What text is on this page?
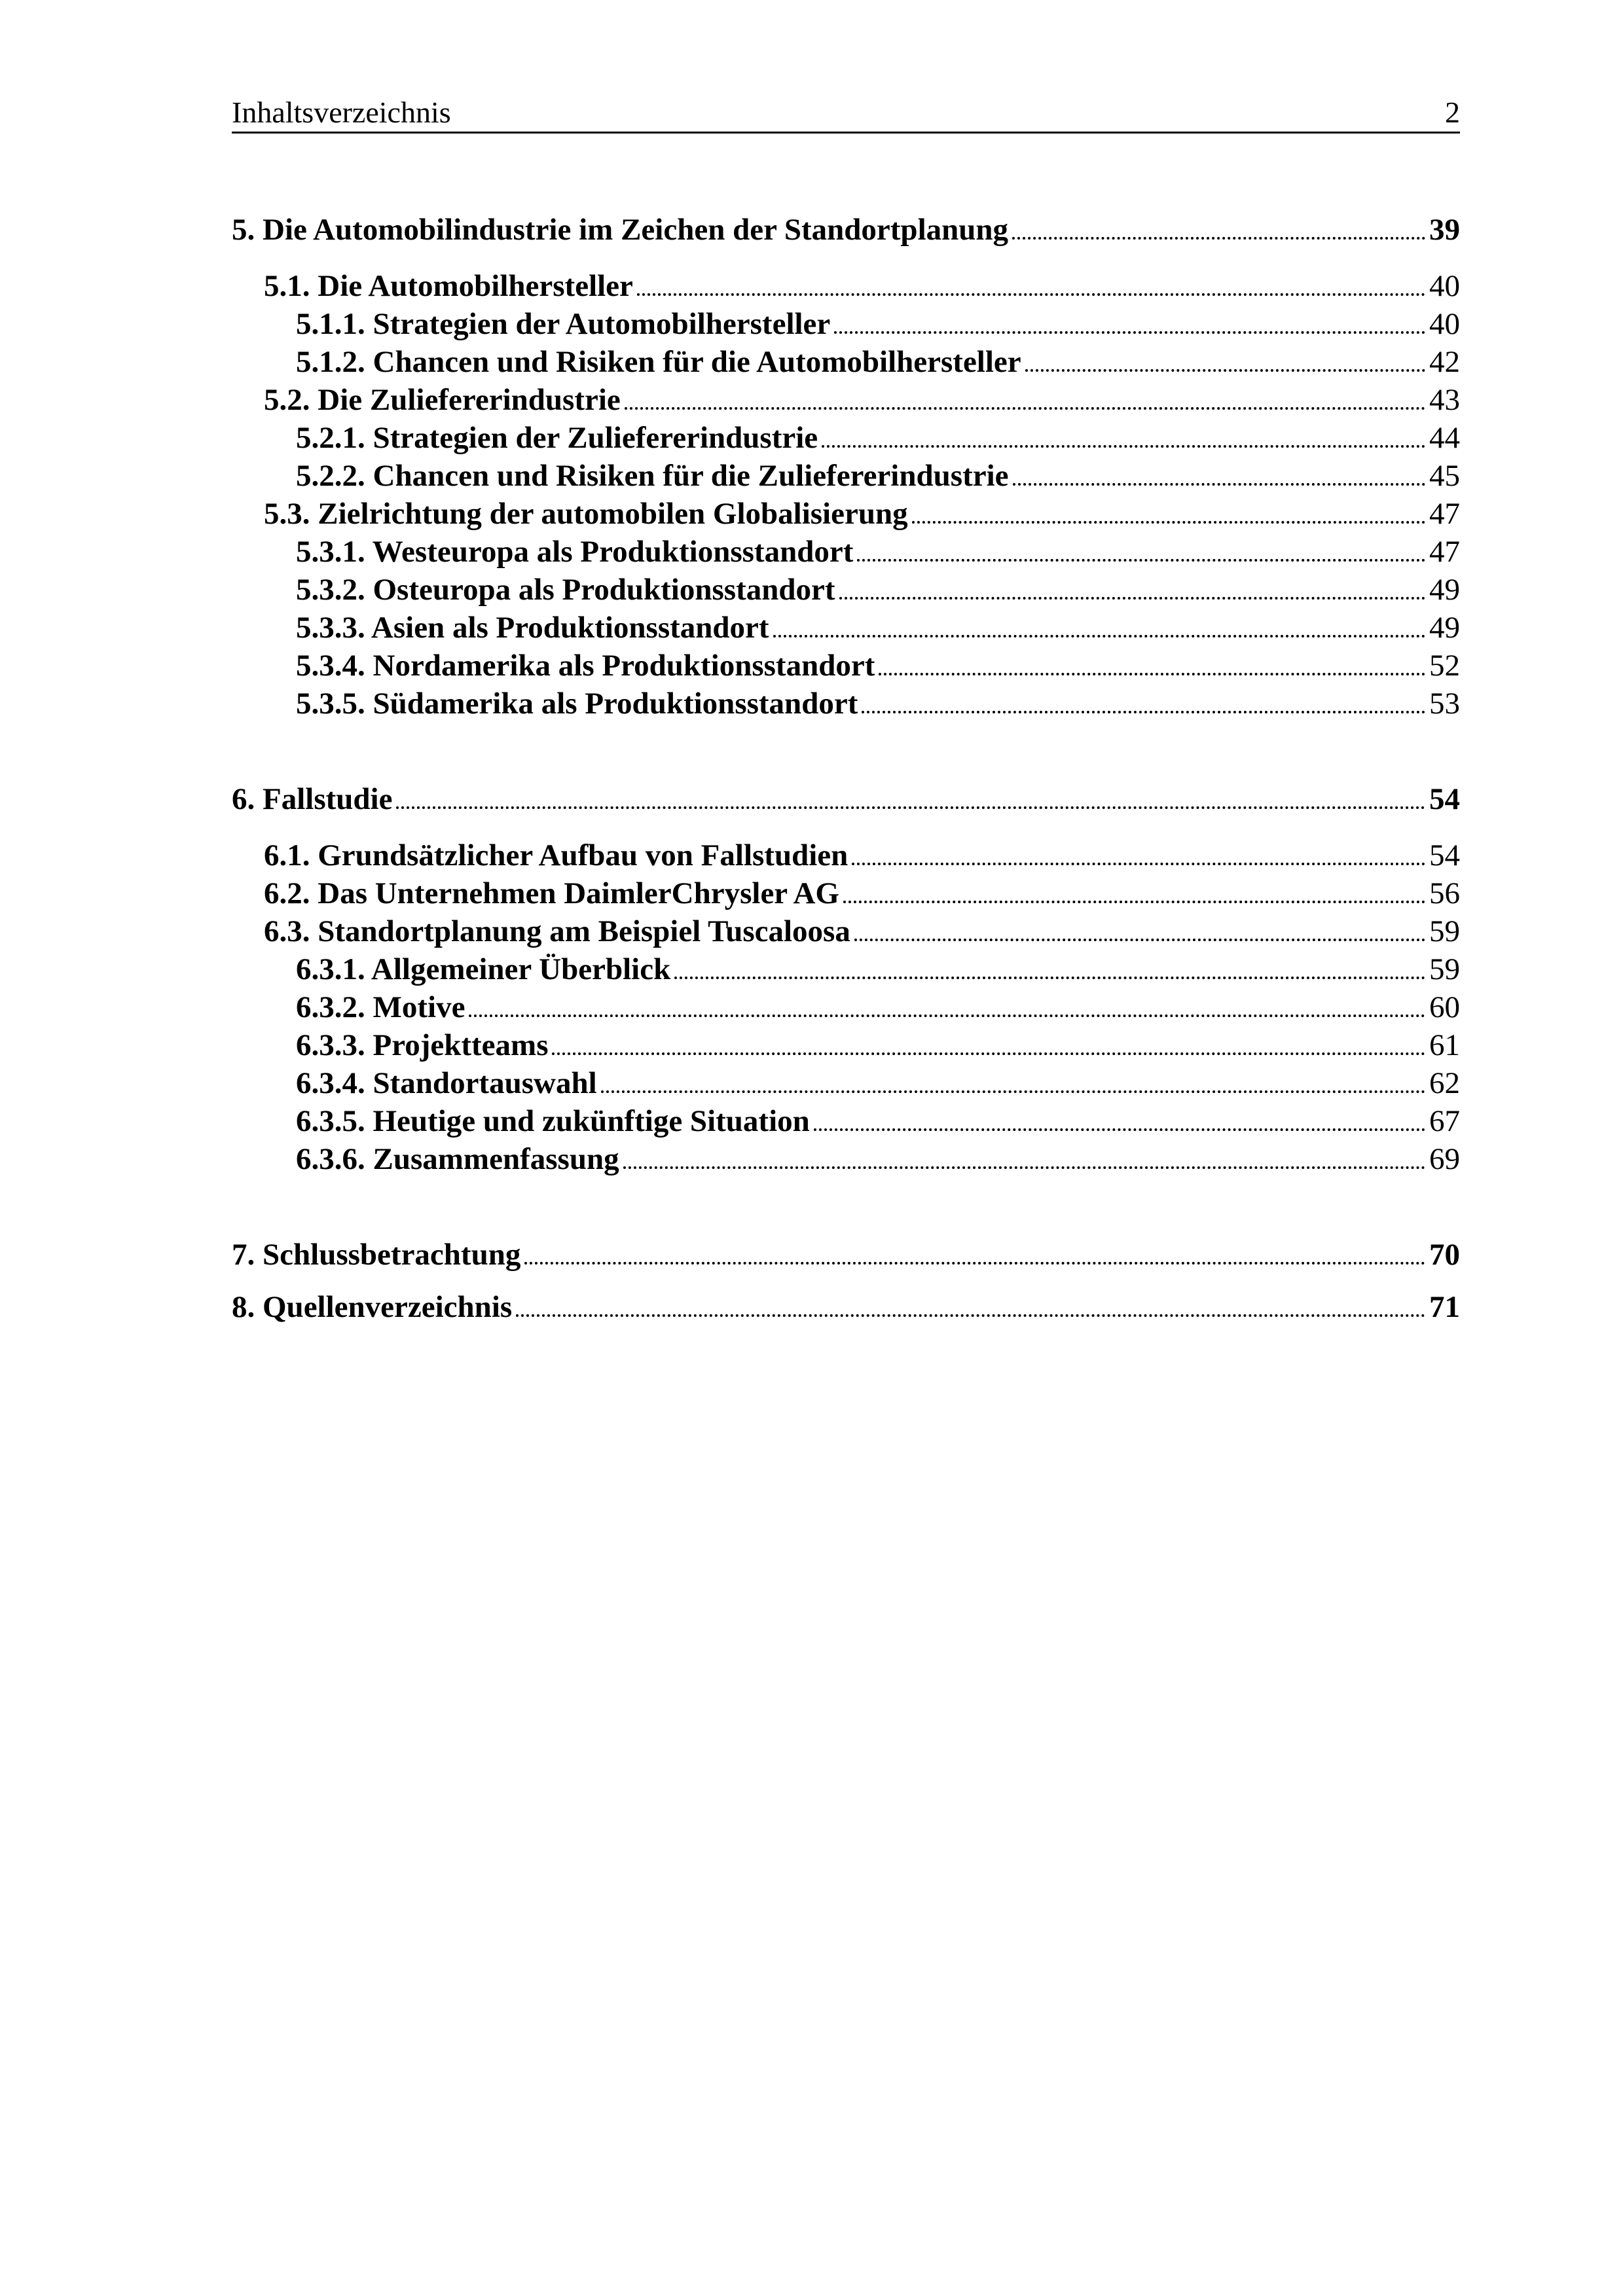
Inhaltsverzeichnis	2
5. Die Automobilindustrie im Zeichen der Standortplanung	39
5.1. Die Automobilhersteller	40
5.1.1. Strategien der Automobilhersteller	40
5.1.2. Chancen und Risiken für die Automobilhersteller	42
5.2. Die Zuliefererindustrie	43
5.2.1. Strategien der Zuliefererindustrie	44
5.2.2. Chancen und Risiken für die Zuliefererindustrie	45
5.3. Zielrichtung der automobilen Globalisierung	47
5.3.1. Westeuropa als Produktionsstandort	47
5.3.2. Osteuropa als Produktionsstandort	49
5.3.3. Asien als Produktionsstandort	49
5.3.4. Nordamerika als Produktionsstandort	52
5.3.5. Südamerika als Produktionsstandort	53
6. Fallstudie	54
6.1. Grundsätzlicher Aufbau von Fallstudien	54
6.2. Das Unternehmen DaimlerChrysler AG	56
6.3. Standortplanung am Beispiel Tuscaloosa	59
6.3.1. Allgemeiner Überblick	59
6.3.2. Motive	60
6.3.3. Projektteams	61
6.3.4. Standortauswahl	62
6.3.5. Heutige und zukünftige Situation	67
6.3.6. Zusammenfassung	69
7. Schlussbetrachtung	70
8. Quellenverzeichnis	71
